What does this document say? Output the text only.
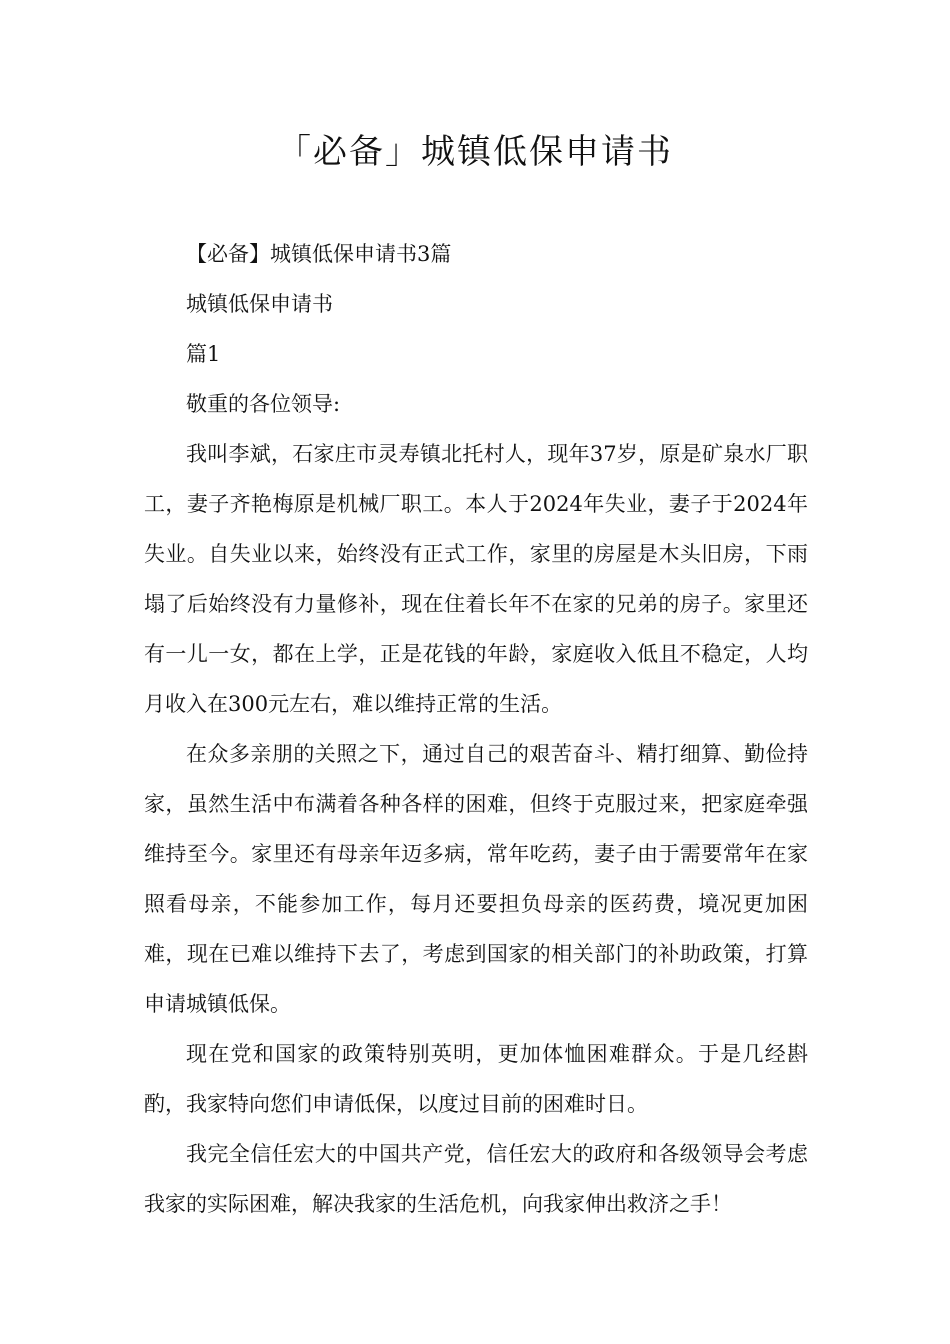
「必备」城镇低保申请书

【必备】城镇低保申请书3篇

城镇低保申请书

篇1

敬重的各位领导:

我叫李斌，石家庄市灵寿镇北托村人，现年37岁，原是矿泉水厂职工，妻子齐艳梅原是机械厂职工。本人于2024年失业，妻子于2024年失业。自失业以来，始终没有正式工作，家里的房屋是木头旧房，下雨塌了后始终没有力量修补，现在住着长年不在家的兄弟的房子。家里还有一儿一女，都在上学，正是花钱的年龄，家庭收入低且不稳定，人均月收入在300元左右，难以维持正常的生活。

在众多亲朋的关照之下，通过自己的艰苦奋斗、精打细算、勤俭持家，虽然生活中布满着各种各样的困难，但终于克服过来，把家庭牵强维持至今。家里还有母亲年迈多病，常年吃药，妻子由于需要常年在家照看母亲，不能参加工作，每月还要担负母亲的医药费，境况更加困难，现在已难以维持下去了，考虑到国家的相关部门的补助政策，打算申请城镇低保。

现在党和国家的政策特别英明，更加体恤困难群众。于是几经斟酌，我家特向您们申请低保，以度过目前的困难时日。

我完全信任宏大的中国共产党，信任宏大的政府和各级领导会考虑我家的实际困难，解决我家的生活危机，向我家伸出救济之手！
